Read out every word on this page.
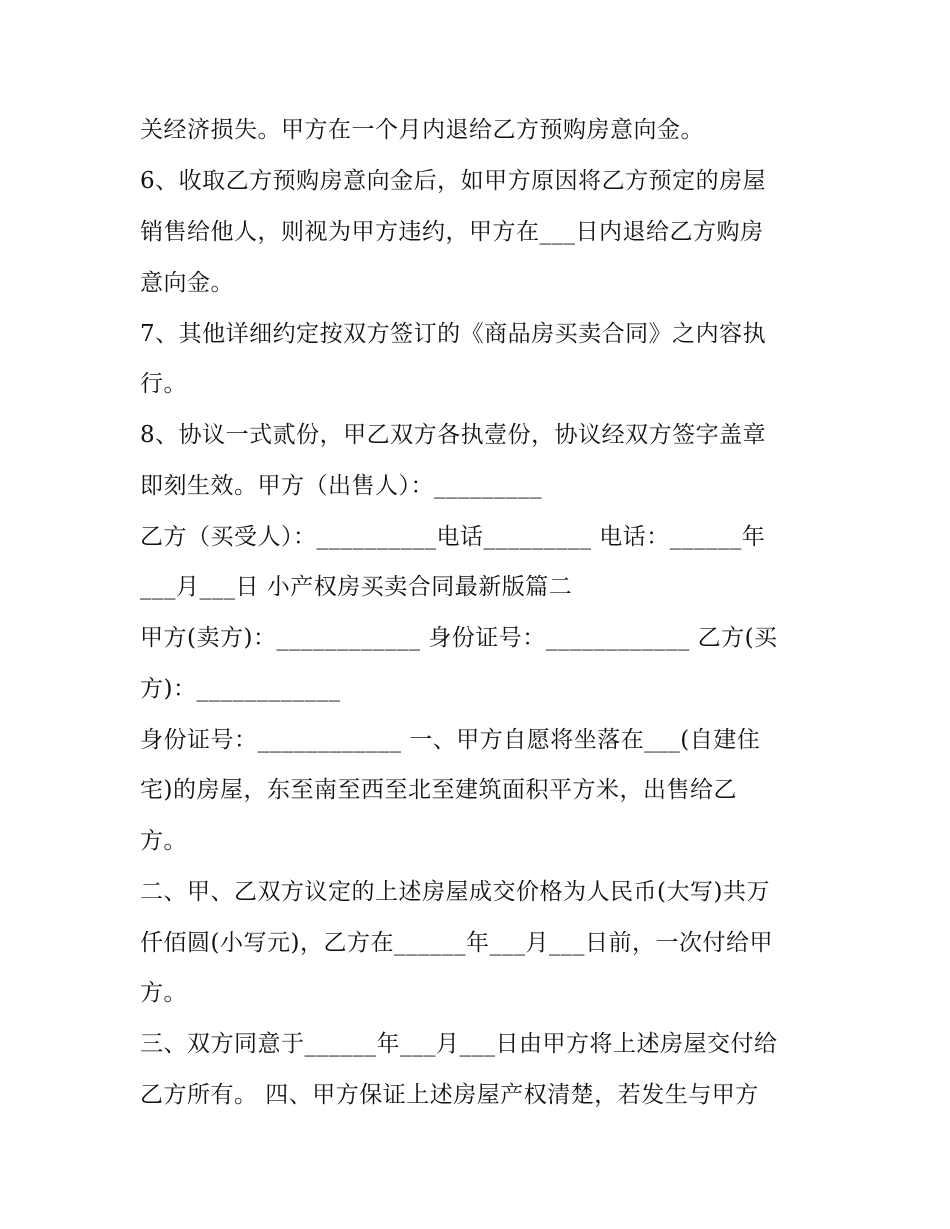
关经济损失。甲方在一个月内退给乙方预购房意向金。
6、收取乙方预购房意向金后，如甲方原因将乙方预定的房屋
销售给他人，则视为甲方违约，甲方在___日内退给乙方购房
意向金。
7、其他详细约定按双方签订的《商品房买卖合同》之内容执
行。
8、协议一式贰份，甲乙双方各执壹份，协议经双方签字盖章
即刻生效。甲方（出售人）：_________
乙方（买受人）：__________电话_________ 电话：______年
___月___日 小产权房买卖合同最新版篇二
甲方(卖方)：____________ 身份证号：____________ 乙方(买
方)：____________
身份证号：____________ 一、甲方自愿将坐落在___(自建住
宅)的房屋，东至南至西至北至建筑面积平方米，出售给乙
方。
二、甲、乙双方议定的上述房屋成交价格为人民币(大写)共万
仟佰圆(小写元)，乙方在______年___月___日前，一次付给甲
方。
三、双方同意于______年___月___日由甲方将上述房屋交付给
乙方所有。 四、甲方保证上述房屋产权清楚，若发生与甲方
